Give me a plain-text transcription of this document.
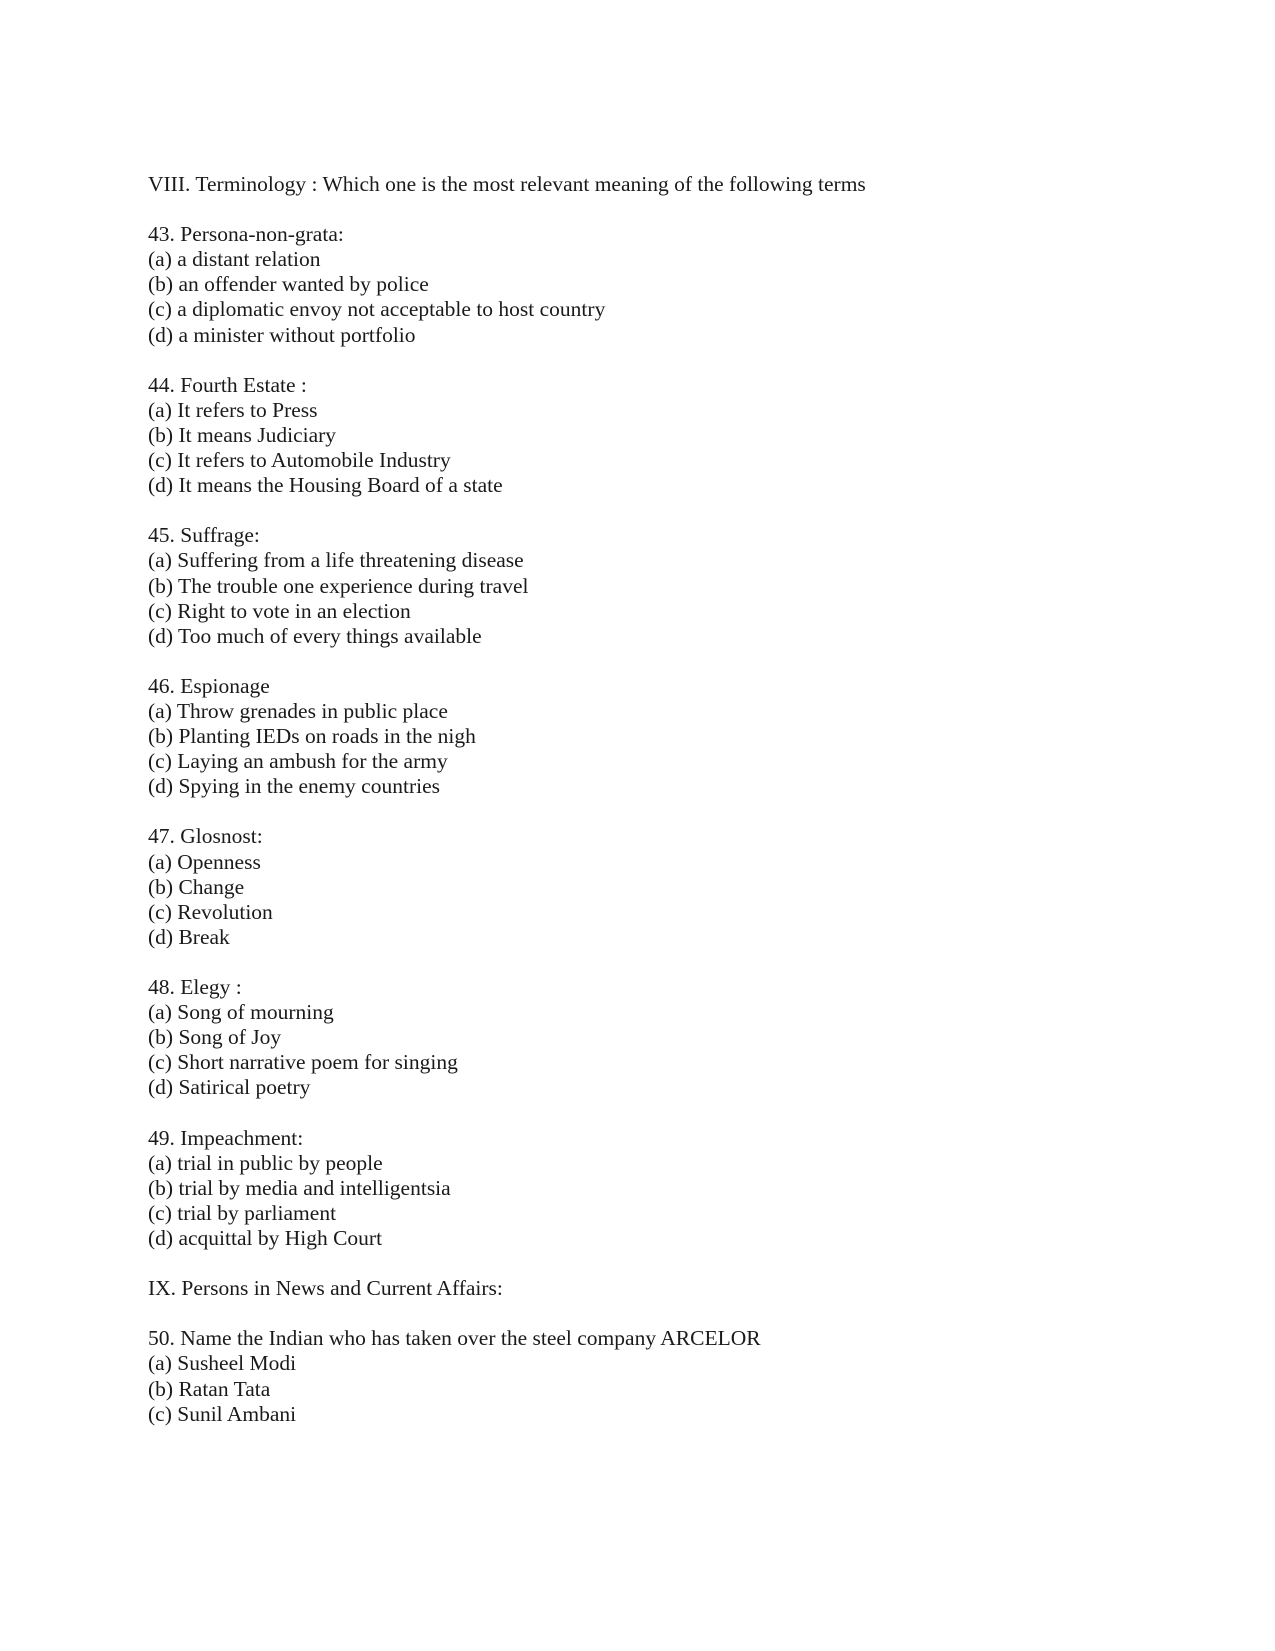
VIII. Terminology : Which one is the most relevant meaning of the following terms
43. Persona-non-grata:
(a) a distant relation
(b) an offender wanted by police
(c) a diplomatic envoy not acceptable to host country
(d) a minister without portfolio
44. Fourth Estate :
(a) It refers to Press
(b) It means Judiciary
(c) It refers to Automobile Industry
(d) It means the Housing Board of a state
45. Suffrage:
(a) Suffering from a life threatening disease
(b) The trouble one experience during travel
(c) Right to vote in an election
(d) Too much of every things available
46. Espionage
(a) Throw grenades in public place
(b) Planting IEDs on roads in the nigh
(c) Laying an ambush for the army
(d) Spying in the enemy countries
47. Glosnost:
(a) Openness
(b) Change
(c) Revolution
(d) Break
48. Elegy :
(a) Song of mourning
(b) Song of Joy
(c) Short narrative poem for singing
(d) Satirical poetry
49. Impeachment:
(a) trial in public by people
(b) trial by media and intelligentsia
(c) trial by parliament
(d) acquittal by High Court
IX. Persons in News and Current Affairs:
50. Name the Indian who has taken over the steel company ARCELOR
(a) Susheel Modi
(b) Ratan Tata
(c) Sunil Ambani
